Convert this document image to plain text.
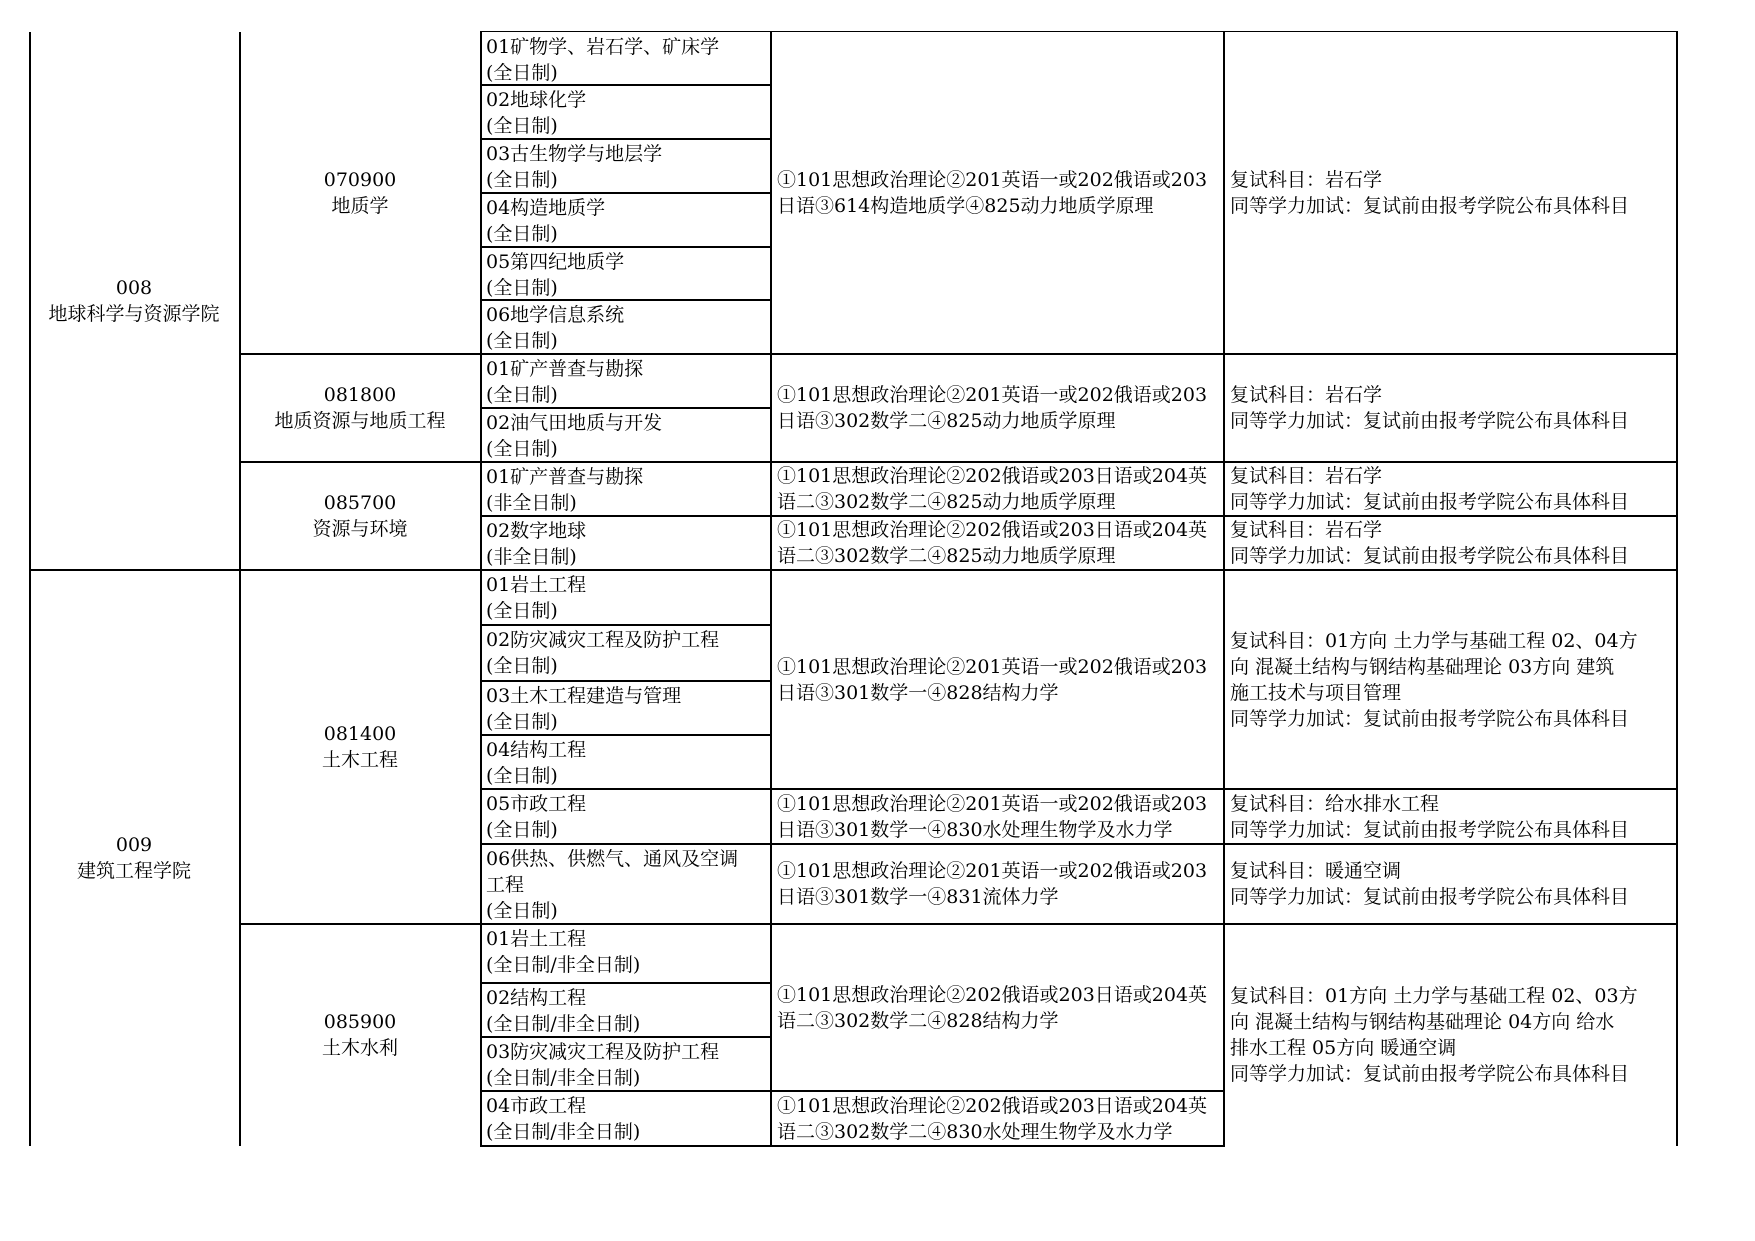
008
地球科学与资源学院
009
建筑工程学院
070900
地质学
081800
地质资源与地质工程
085700
资源与环境
081400
土木工程
085900
土木水利
01矿物学、岩石学、矿床学
(全日制)
02地球化学
(全日制)
03古生物学与地层学
(全日制)
04构造地质学
(全日制)
05第四纪地质学
(全日制)
06地学信息系统
(全日制)
01矿产普查与勘探
(全日制)
02油气田地质与开发
(全日制)
01矿产普查与勘探
(非全日制)
02数字地球
(非全日制)
01岩土工程
(全日制)
02防灾减灾工程及防护工程
(全日制)
03土木工程建造与管理
(全日制)
04结构工程
(全日制)
05市政工程
(全日制)
06供热、供燃气、通风及空调
工程
(全日制)
01岩土工程
(全日制/非全日制)
02结构工程
(全日制/非全日制)
03防灾减灾工程及防护工程
(全日制/非全日制)
04市政工程
(全日制/非全日制)
①101思想政治理论②201英语一或202俄语或203
日语③614构造地质学④825动力地质学原理
①101思想政治理论②201英语一或202俄语或203
日语③302数学二④825动力地质学原理
①101思想政治理论②202俄语或203日语或204英
语二③302数学二④825动力地质学原理
①101思想政治理论②202俄语或203日语或204英
语二③302数学二④825动力地质学原理
①101思想政治理论②201英语一或202俄语或203
日语③301数学一④828结构力学
①101思想政治理论②201英语一或202俄语或203
日语③301数学一④830水处理生物学及水力学
①101思想政治理论②201英语一或202俄语或203
日语③301数学一④831流体力学
①101思想政治理论②202俄语或203日语或204英
语二③302数学二④828结构力学
①101思想政治理论②202俄语或203日语或204英
语二③302数学二④830水处理生物学及水力学
复试科目：岩石学
同等学力加试：复试前由报考学院公布具体科目
复试科目：岩石学
同等学力加试：复试前由报考学院公布具体科目
复试科目：岩石学
同等学力加试：复试前由报考学院公布具体科目
复试科目：岩石学
同等学力加试：复试前由报考学院公布具体科目
复试科目：01方向 土力学与基础工程 02、04方
向 混凝土结构与钢结构基础理论 03方向 建筑
施工技术与项目管理
同等学力加试：复试前由报考学院公布具体科目
复试科目：给水排水工程
同等学力加试：复试前由报考学院公布具体科目
复试科目：暖通空调
同等学力加试：复试前由报考学院公布具体科目
复试科目：01方向 土力学与基础工程 02、03方
向 混凝土结构与钢结构基础理论 04方向 给水
排水工程 05方向 暖通空调
同等学力加试：复试前由报考学院公布具体科目
